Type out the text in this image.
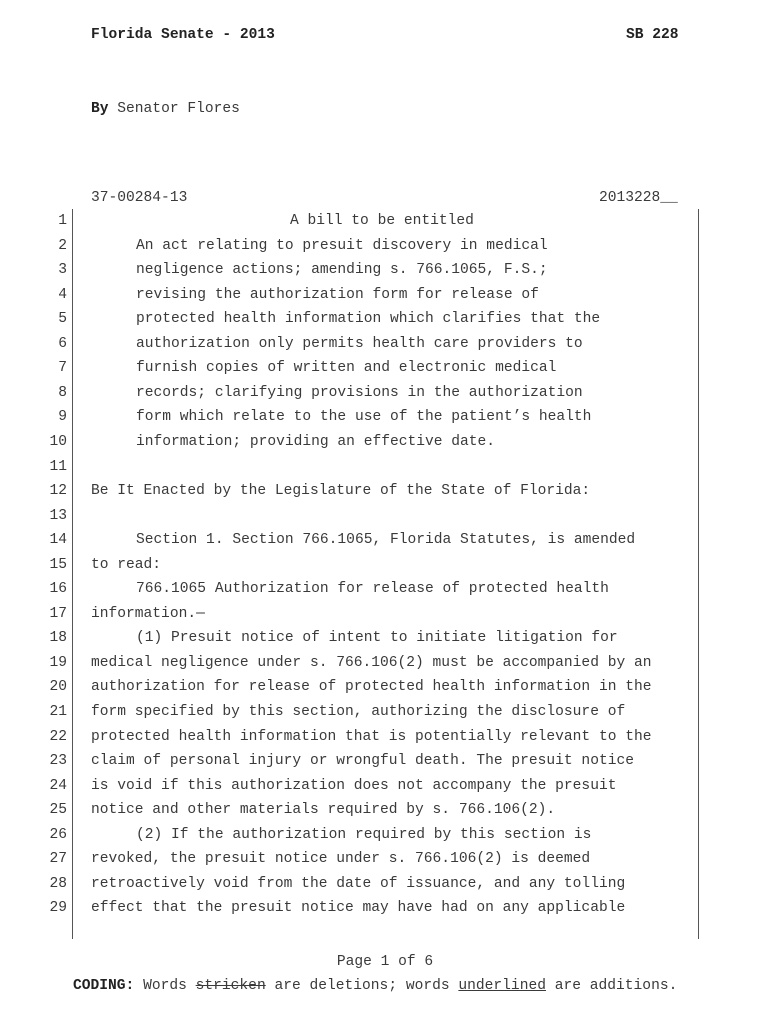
Florida Senate - 2013	SB 228
By Senator Flores
37-00284-13	2013228__
1	A bill to be entitled
2	An act relating to presuit discovery in medical
3	negligence actions; amending s. 766.1065, F.S.;
4	revising the authorization form for release of
5	protected health information which clarifies that the
6	authorization only permits health care providers to
7	furnish copies of written and electronic medical
8	records; clarifying provisions in the authorization
9	form which relate to the use of the patient’s health
10	information; providing an effective date.
11
12 Be It Enacted by the Legislature of the State of Florida:
13
14	Section 1. Section 766.1065, Florida Statutes, is amended
15 to read:
16	766.1065 Authorization for release of protected health
17 information.—
18	(1) Presuit notice of intent to initiate litigation for
19 medical negligence under s. 766.106(2) must be accompanied by an
20 authorization for release of protected health information in the
21 form specified by this section, authorizing the disclosure of
22 protected health information that is potentially relevant to the
23 claim of personal injury or wrongful death. The presuit notice
24 is void if this authorization does not accompany the presuit
25 notice and other materials required by s. 766.106(2).
26	(2) If the authorization required by this section is
27 revoked, the presuit notice under s. 766.106(2) is deemed
28 retroactively void from the date of issuance, and any tolling
29 effect that the presuit notice may have had on any applicable
Page 1 of 6
CODING: Words stricken are deletions; words underlined are additions.
